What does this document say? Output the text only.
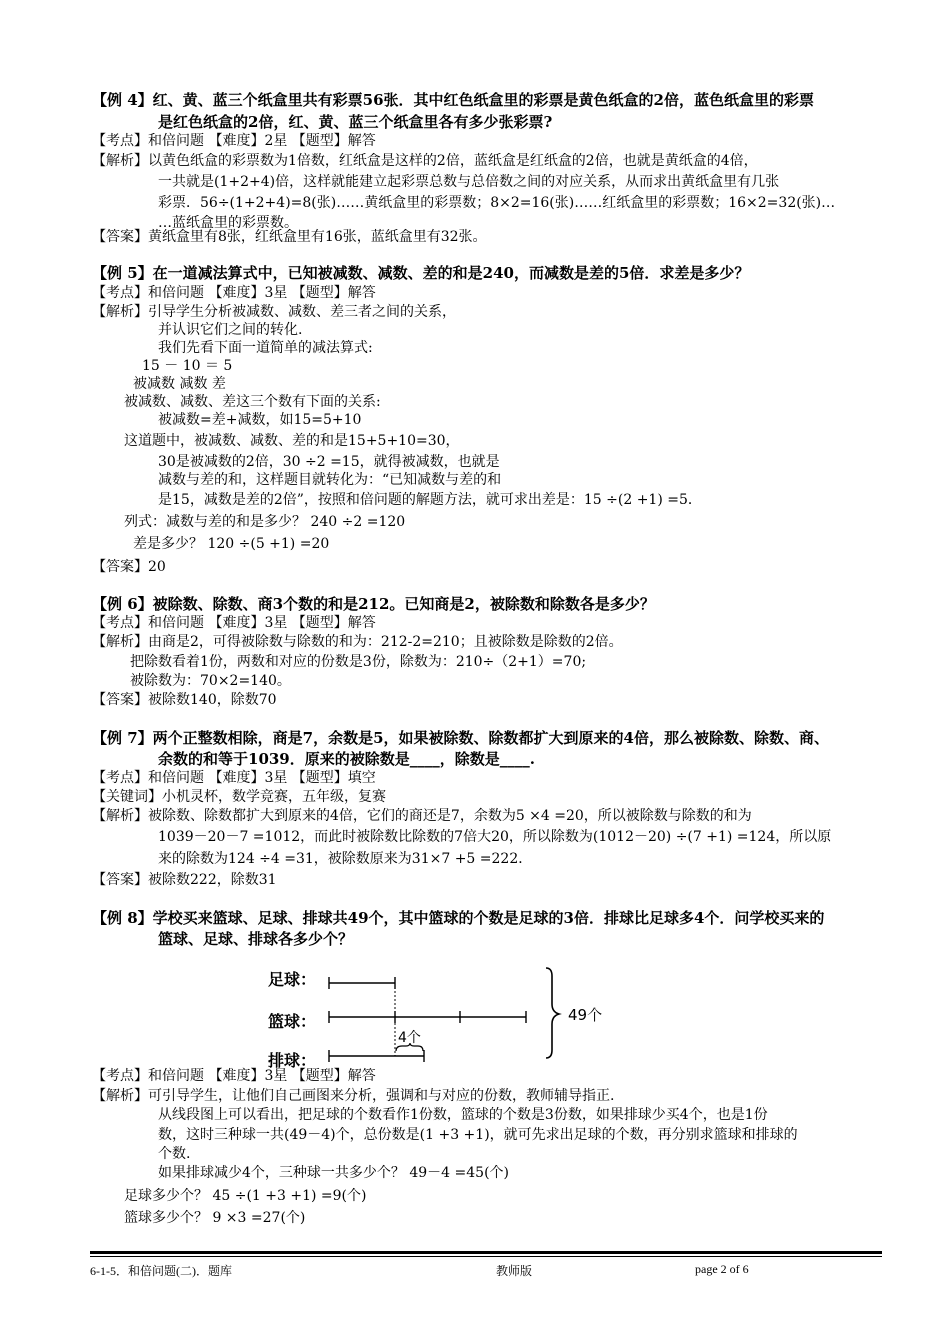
【例 4】红、黄、蓝三个纸盒里共有彩票56张．其中红色纸盒里的彩票是黄色纸盒的2倍，蓝色纸盒里的彩票
是红色纸盒的2倍，红、黄、蓝三个纸盒里各有多少张彩票?
【考点】和倍问题 【难度】2星 【题型】解答
【解析】以黄色纸盒的彩票数为1倍数，红纸盒是这样的2倍，蓝纸盒是红纸盒的2倍，也就是黄纸盒的4倍，
一共就是(1+2+4)倍，这样就能建立起彩票总数与总倍数之间的对应关系，从而求出黄纸盒里有几张
彩票．56÷(1+2+4)=8(张)……黄纸盒里的彩票数；8×2=16(张)……红纸盒里的彩票数；16×2=32(张)…
…蓝纸盒里的彩票数。
【答案】黄纸盒里有8张，红纸盒里有16张，蓝纸盒里有32张。
【例 5】在一道减法算式中，已知被减数、减数、差的和是240，而减数是差的5倍．求差是多少？
【考点】和倍问题 【难度】3星 【题型】解答
【解析】引导学生分析被减数、减数、差三者之间的关系，
并认识它们之间的转化.
我们先看下面一道简单的减法算式:
15 － 10 ＝ 5
被减数 减数 差
被减数、减数、差这三个数有下面的关系:
被减数=差+减数，如15=5+10
这道题中，被减数、减数、差的和是15+5+10=30，
30是被减数的2倍，30 ÷2 =15，就得被减数，也就是
减数与差的和，这样题目就转化为：“已知减数与差的和
是15，减数是差的2倍”，按照和倍问题的解题方法，就可求出差是：15 ÷(2 +1) =5．
列式：减数与差的和是多少？ 240 ÷2 =120
差是多少？ 120 ÷(5 +1) =20
【答案】20
【例 6】被除数、除数、商3个数的和是212。已知商是2，被除数和除数各是多少？
【考点】和倍问题 【难度】3星 【题型】解答
【解析】由商是2，可得被除数与除数的和为：212-2=210；且被除数是除数的2倍。
把除数看着1份，两数和对应的份数是3份，除数为：210÷（2+1）=70;
被除数为：70×2=140。
【答案】被除数140，除数70
【例 7】两个正整数相除，商是7，余数是5，如果被除数、除数都扩大到原来的4倍，那么被除数、除数、商、
余数的和等于1039．原来的被除数是____，除数是____.
【考点】和倍问题 【难度】3星 【题型】填空
【关键词】小机灵杯，数学竞赛，五年级，复赛
【解析】被除数、除数都扩大到原来的4倍，它们的商还是7，余数为5 ×4 =20，所以被除数与除数的和为
1039－20－7 =1012，而此时被除数比除数的7倍大20，所以除数为(1012－20) ÷(7 +1) =124，所以原
来的除数为124 ÷4 =31，被除数原来为31×7 +5 =222．
【答案】被除数222，除数31
【例 8】学校买来篮球、足球、排球共49个，其中篮球的个数是足球的3倍．排球比足球多4个．问学校买来的
篮球、足球、排球各多少个？
足球：
篮球：
排球：
4个
49个
【考点】和倍问题 【难度】3星 【题型】解答
【解析】可引导学生，让他们自己画图来分析，强调和与对应的份数，教师辅导指正.
从线段图上可以看出，把足球的个数看作1份数，篮球的个数是3份数，如果排球少买4个，也是1份
数，这时三种球一共(49－4)个，总份数是(1 +3 +1)，就可先求出足球的个数，再分别求篮球和排球的
个数.
如果排球减少4个，三种球一共多少个？ 49－4 =45(个)
足球多少个？ 45 ÷(1 +3 +1) =9(个)
篮球多少个？ 9 ×3 =27(个)
6-1-5．和倍问题(二)．题库	教师版	page 2 of 6
